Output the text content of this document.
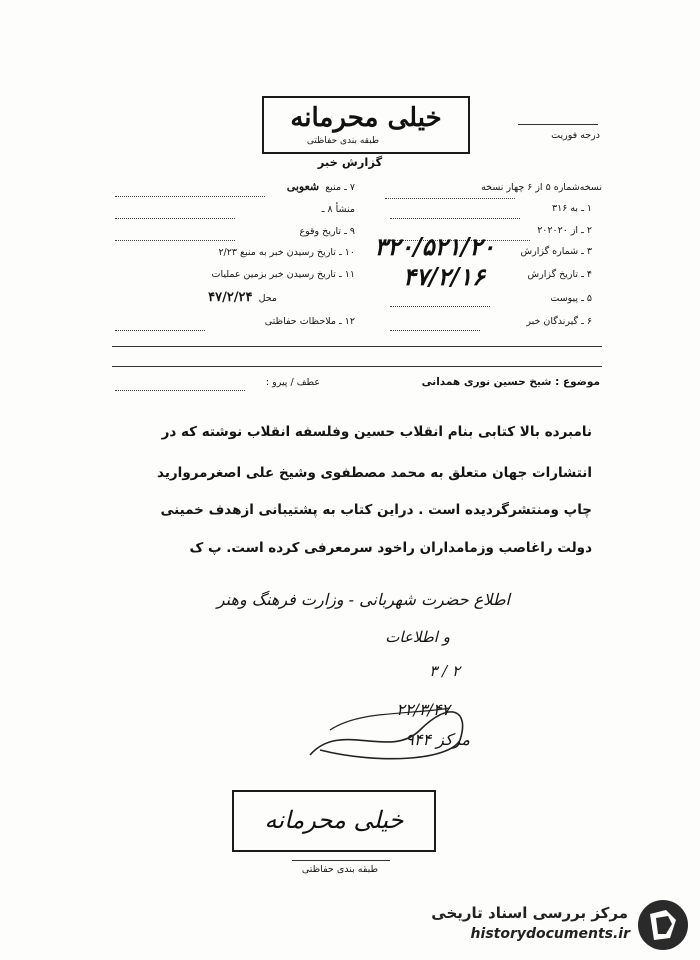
خیلی محرمانه
طبقه بندی حفاظتی	درجه فوریت
گزارش خبر
نسخه‌شماره ۵ از ۶ چهار نسخه
۱ ـ به ۳۱۶
۲ ـ از ۲۰۲۰۲۰
۳ ـ شماره گزارش
۴ ـ تاریخ گزارش
۵ ـ پیوست
۶ ـ گیرندگان خبر
۳۲۰/۵۲۱/۲۰
۴۷/۲/۱۶
۷ ـ منبع  شعوبی
منشأ ۸ ـ
۹ ـ تاریخ وقوع
۱۰ ـ تاریخ رسیدن خبر به منبع ۲/۲۳
۱۱ ـ تاریخ رسیدن خبر بزمین عملیات
محل  ۴۷/۲/۲۴
۱۲ ـ ملاحظات حفاظتی
موضوع : شیخ حسین نوری همدانی
عطف / پیرو :
نامبرده بالا کتابی بنام انقلاب حسین وفلسفه انقلاب نوشته که در
انتشارات جهان متعلق به محمد مصطفوی وشیخ علی اصغرمروارید
چاپ ومنتشرگردیده است . دراین کتاب به پشتیبانی ازهدف خمینی
دولت راغاصب وزمامداران راخود سرمعرفی کرده است. پ ک
اطلاع حضرت شهربانی - وزارت فرهنگ وهنر
و اطلاعات
۳ / ۲
۲۲/۳/۴۷
مرکز ۹۴۴
خیلی محرمانه
طبقه بندی حفاظتی
مرکز بررسی اسناد تاریخی
historydocuments.ir
